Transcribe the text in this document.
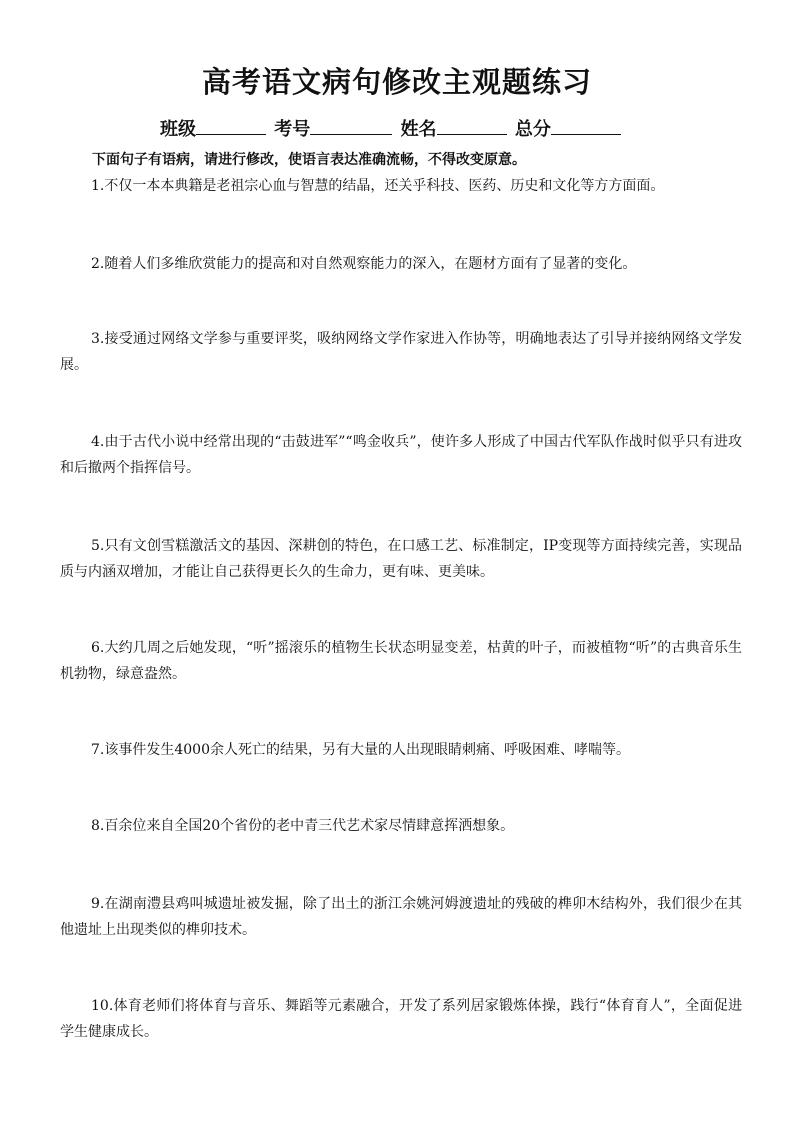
高考语文病句修改主观题练习
班级	考号	姓名	总分
下面句子有语病，请进行修改，使语言表达准确流畅，不得改变原意。
1.不仅一本本典籍是老祖宗心血与智慧的结晶，还关乎科技、医药、历史和文化等方方面面。
2.随着人们多维欣赏能力的提高和对自然观察能力的深入，在题材方面有了显著的变化。
3.接受通过网络文学参与重要评奖，吸纳网络文学作家进入作协等，明确地表达了引导并接纳网络文学发展。
4.由于古代小说中经常出现的“击鼓进军”“鸣金收兵”，使许多人形成了中国古代军队作战时似乎只有进攻和后撤两个指挥信号。
5.只有文创雪糕激活文的基因、深耕创的特色，在口感工艺、标准制定，IP变现等方面持续完善，实现品质与内涵双增加，才能让自己获得更长久的生命力，更有味、更美味。
6.大约几周之后她发现，“听”摇滚乐的植物生长状态明显变差，枯黄的叶子，而被植物“听”的古典音乐生机勃物，绿意盎然。
7.该事件发生4000余人死亡的结果，另有大量的人出现眼睛刺痛、呼吸困难、哮喘等。
8.百余位来自全国20个省份的老中青三代艺术家尽情肆意挥洒想象。
9.在湖南澧县鸡叫城遗址被发掘，除了出土的浙江余姚河姆渡遗址的残破的榫卯木结构外，我们很少在其他遗址上出现类似的榫卯技术。
10.体育老师们将体育与音乐、舞蹈等元素融合，开发了系列居家锻炼体操，践行“体育育人”，全面促进学生健康成长。
